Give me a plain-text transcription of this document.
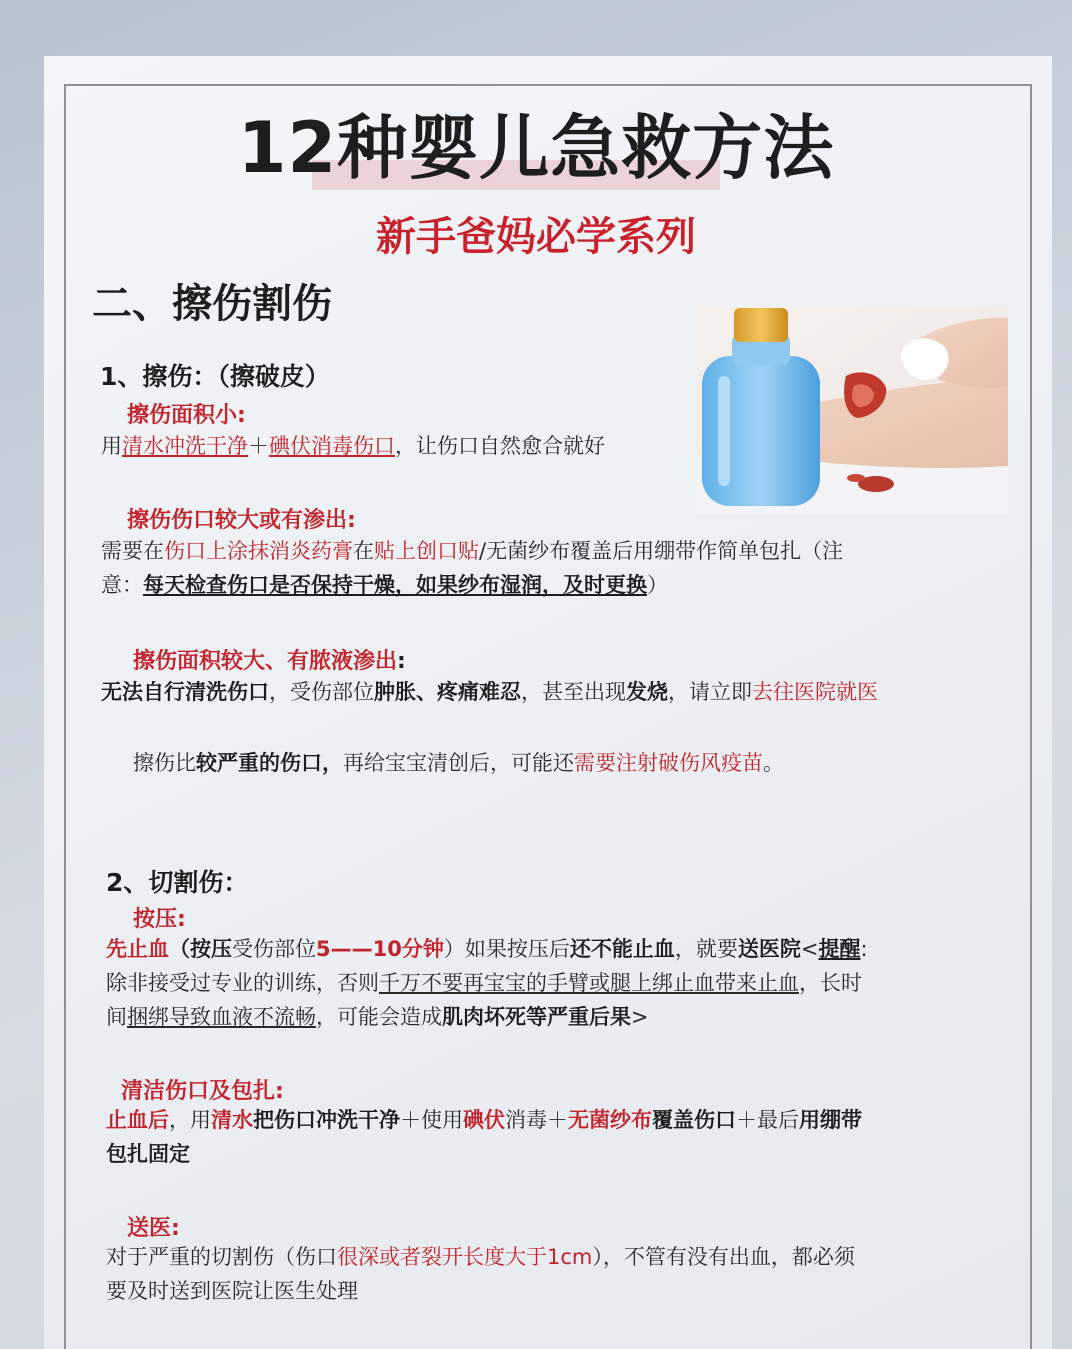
12种婴儿急救方法
新手爸妈必学系列
二、擦伤割伤
1、擦伤：（擦破皮）
擦伤面积小:
用清水冲洗干净＋碘伏消毒伤口，让伤口自然愈合就好
擦伤伤口较大或有渗出:
需要在伤口上涂抹消炎药膏在贴上创口贴/无菌纱布覆盖后用绷带作简单包扎（注
意：每天检查伤口是否保持干燥，如果纱布湿润，及时更换）
擦伤面积较大、有脓液渗出:
无法自行清洗伤口，受伤部位肿胀、疼痛难忍，甚至出现发烧，请立即去往医院就医
擦伤比较严重的伤口，再给宝宝清创后，可能还需要注射破伤风疫苗。
2、切割伤：
按压:
先止血（按压受伤部位5——10分钟）如果按压后还不能止血，就要送医院<提醒:
除非接受过专业的训练，否则千万不要再宝宝的手臂或腿上绑止血带来止血，长时
间捆绑导致血液不流畅，可能会造成肌肉坏死等严重后果>
清洁伤口及包扎:
止血后，用清水把伤口冲洗干净＋使用碘伏消毒＋无菌纱布覆盖伤口＋最后用绷带
包扎固定
送医:
对于严重的切割伤（伤口很深或者裂开长度大于1cm），不管有没有出血，都必须
要及时送到医院让医生处理
